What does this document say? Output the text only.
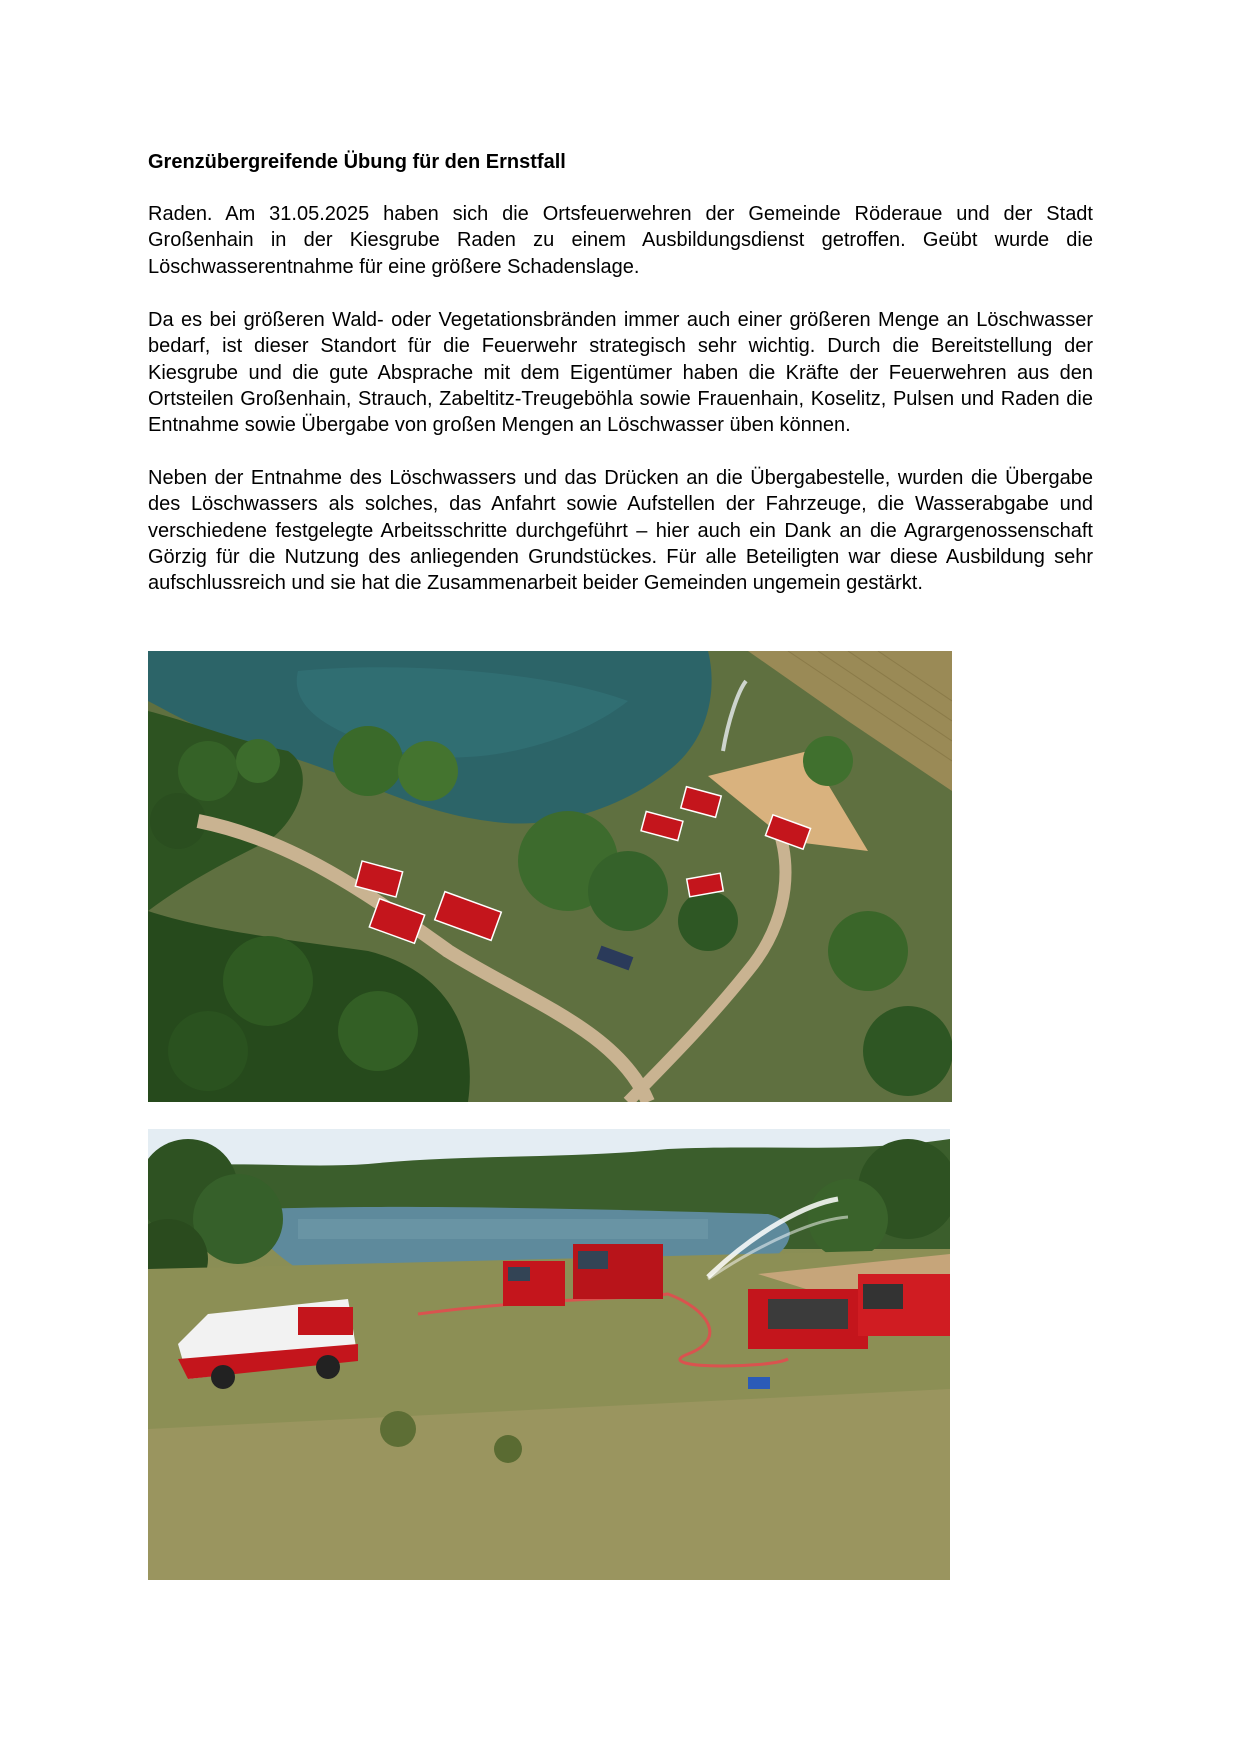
Grenzübergreifende Übung für den Ernstfall

Raden. Am 31.05.2025 haben sich die Ortsfeuerwehren der Gemeinde Röderaue und der Stadt Großenhain in der Kiesgrube Raden zu einem Ausbildungsdienst getroffen. Geübt wurde die Löschwasserentnahme für eine größere Schadenslage.

Da es bei größeren Wald- oder Vegetationsbränden immer auch einer größeren Menge an Löschwasser bedarf, ist dieser Standort für die Feuerwehr strategisch sehr wichtig. Durch die Bereitstellung der Kiesgrube und die gute Absprache mit dem Eigentümer haben die Kräfte der Feuerwehren aus den Ortsteilen Großenhain, Strauch, Zabeltitz-Treugeböhla sowie Frauenhain, Koselitz, Pulsen und Raden die Entnahme sowie Übergabe von großen Mengen an Löschwasser üben können.

Neben der Entnahme des Löschwassers und das Drücken an die Übergabestelle, wurden die Übergabe des Löschwassers als solches, das Anfahrt sowie Aufstellen der Fahrzeuge, die Wasserabgabe und verschiedene festgelegte Arbeitsschritte durchgeführt – hier auch ein Dank an die Agrargenossenschaft Görzig für die Nutzung des anliegenden Grundstückes. Für alle Beteiligten war diese Ausbildung sehr aufschlussreich und sie hat die Zusammenarbeit beider Gemeinden ungemein gestärkt.
